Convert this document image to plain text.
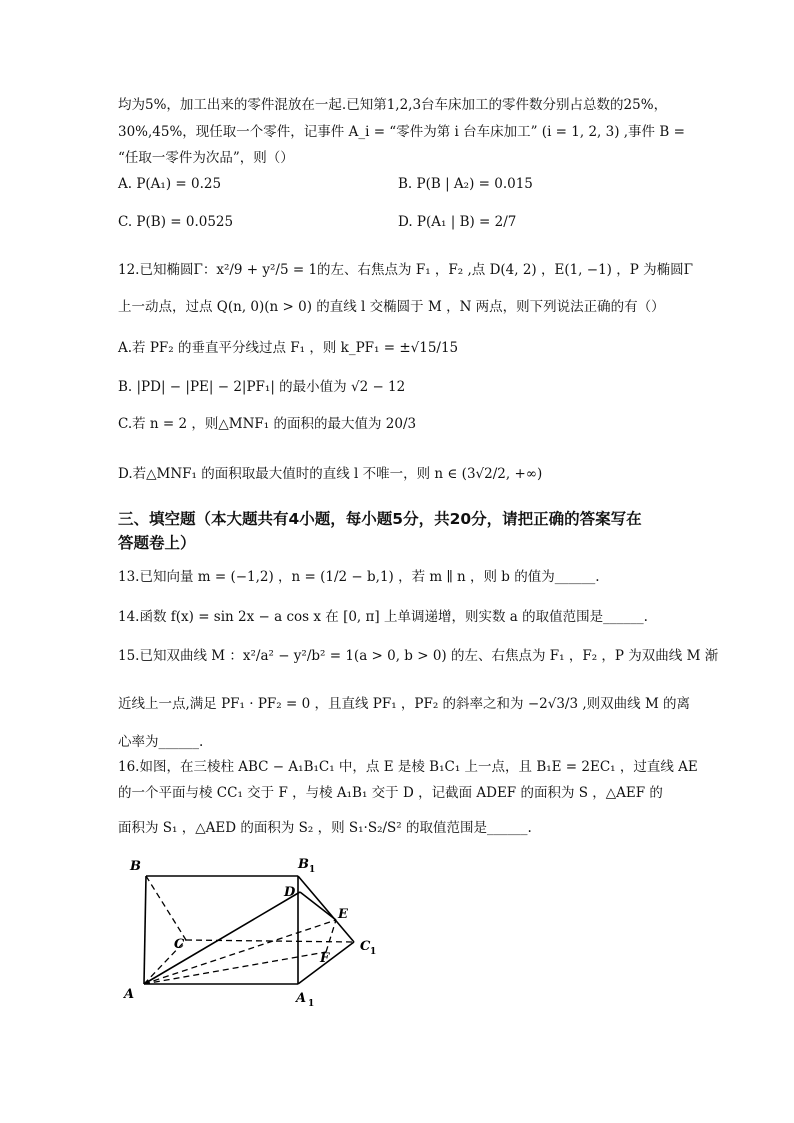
均为5%，加工出来的零件混放在一起.已知第1,2,3台车床加工的零件数分别占总数的25%，
30%,45%，现任取一个零件，记事件 A_i = “零件为第 i 台车床加工” (i = 1, 2, 3) ,事件 B =
“任取一零件为次品”，则（）
A. P(A₁) = 0.25	B. P(B | A₂) = 0.015
C. P(B) = 0.0525	D. P(A₁ | B) = 2/7
12.已知椭圆Γ：x²/9 + y²/5 = 1的左、右焦点为 F₁ ，F₂ ,点 D(4, 2) ，E(1, −1) ，P 为椭圆Γ
上一动点，过点 Q(n, 0)(n > 0) 的直线 l 交椭圆于 M ，N 两点，则下列说法正确的有（）
A.若 PF₂ 的垂直平分线过点 F₁ ，则 k_PF₁ = ±√15/15
B. |PD| − |PE| − 2|PF₁| 的最小值为 √2 − 12
C.若 n = 2 ，则△MNF₁ 的面积的最大值为 20/3
D.若△MNF₁ 的面积取最大值时的直线 l 不唯一，则 n ∈ (3√2/2, +∞)
三、填空题（本大题共有4小题，每小题5分，共20分，请把正确的答案写在
答题卷上）
13.已知向量 m = (−1,2) ，n = (1/2 − b,1) ，若 m ∥ n ，则 b 的值为______.
14.函数 f(x) = sin 2x − a cos x 在 [0, π] 上单调递增，则实数 a 的取值范围是______.
15.已知双曲线 M ：x²/a² − y²/b² = 1(a > 0, b > 0) 的左、右焦点为 F₁ ，F₂ ，P 为双曲线 M 渐
近线上一点,满足 PF₁ · PF₂ = 0 ，且直线 PF₁ ，PF₂ 的斜率之和为 −2√3/3 ,则双曲线 M 的离
心率为______.
16.如图，在三棱柱 ABC − A₁B₁C₁ 中，点 E 是棱 B₁C₁ 上一点，且 B₁E = 2EC₁ ，过直线 AE
的一个平面与棱 CC₁ 交于 F ，与棱 A₁B₁ 交于 D ，记截面 ADEF 的面积为 S ，△AEF 的
面积为 S₁ ，△AED 的面积为 S₂ ，则 S₁·S₂/S² 的取值范围是______.
B	B 1
D
E
C	C 1
F
A	A 1
